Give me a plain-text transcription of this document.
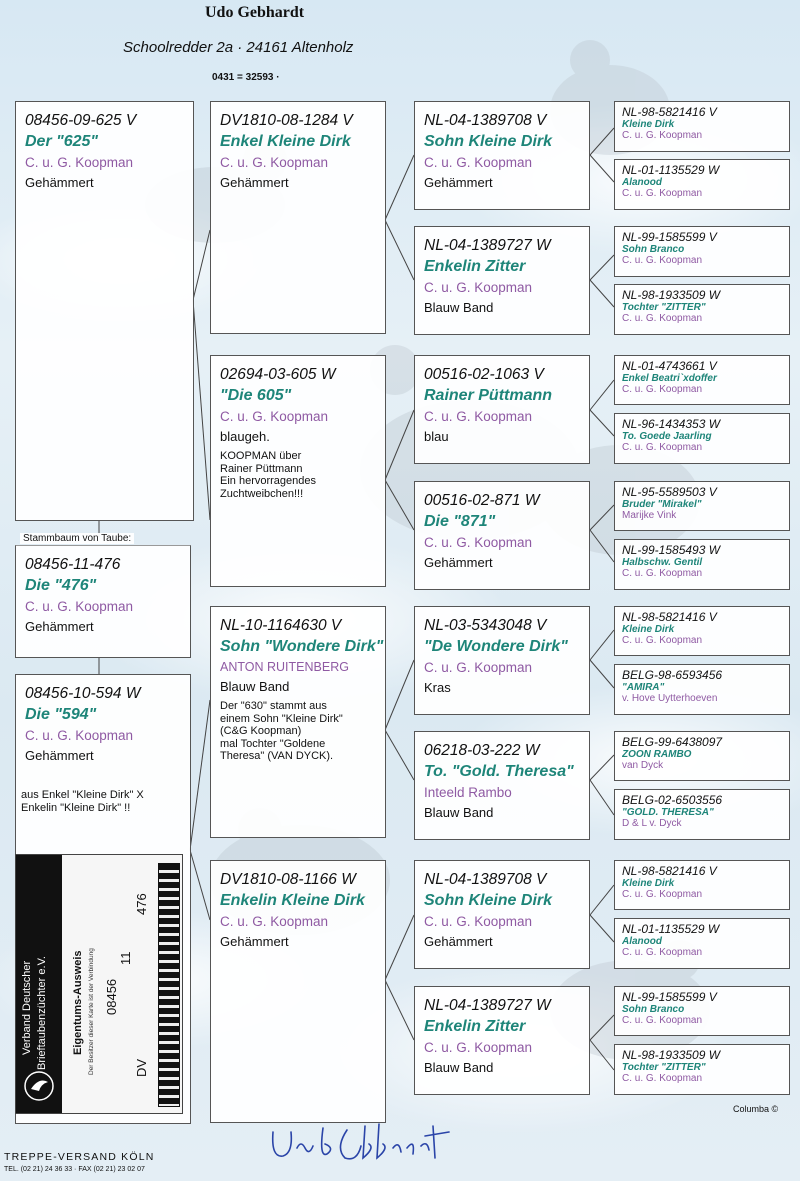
Udo Gebhardt
Schoolredder 2a · 24161 Altenholz
0431 = 32593 ·
Stammbaum von Taube:
08456-11-476
Die "476"
C. u. G. Koopman
Gehämmert
08456-09-625 V
Der "625"
C. u. G. Koopman
Gehämmert
08456-10-594 W
Die "594"
C. u. G. Koopman
Gehämmert
aus Enkel "Kleine Dirk" X
Enkelin "Kleine Dirk" !!
Verband Deutscher Brieftaubenzüchter e.V. Eigentums-Ausweis Der Besitzer dieser Karte ist der Verbindung	DV
08456
11
476
DV1810-08-1284 V
Enkel Kleine Dirk
C. u. G. Koopman
Gehämmert
02694-03-605 W
"Die 605"
C. u. G. Koopman
blaugeh.
KOOPMAN über
Rainer Püttmann
Ein hervorragendes
Zuchtweibchen!!!
NL-10-1164630 V
Sohn "Wondere Dirk"
ANTON RUITENBERG
Blauw Band
Der "630" stammt aus
einem Sohn "Kleine Dirk"
(C&G Koopman)
mal Tochter "Goldene
Theresa" (VAN DYCK).
DV1810-08-1166 W
Enkelin Kleine Dirk
C. u. G. Koopman
Gehämmert
NL-04-1389708 V
Sohn Kleine Dirk
C. u. G. Koopman
Gehämmert
NL-04-1389727 W
Enkelin Zitter
C. u. G. Koopman
Blauw Band
00516-02-1063 V
Rainer Püttmann
C. u. G. Koopman
blau
00516-02-871 W
Die "871"
C. u. G. Koopman
Gehämmert
NL-03-5343048 V
"De Wondere Dirk"
C. u. G. Koopman
Kras
06218-03-222 W
To. "Gold. Theresa"
Inteeld Rambo
Blauw Band
NL-04-1389708 V
Sohn Kleine Dirk
C. u. G. Koopman
Gehämmert
NL-04-1389727 W
Enkelin Zitter
C. u. G. Koopman
Blauw Band
NL-98-5821416 V
Kleine Dirk
C. u. G. Koopman
NL-01-1135529 W
Alanood
C. u. G. Koopman
NL-99-1585599 V
Sohn Branco
C. u. G. Koopman
NL-98-1933509 W
Tochter "ZITTER"
C. u. G. Koopman
NL-01-4743661 V
Enkel Beatri`xdoffer
C. u. G. Koopman
NL-96-1434353 W
To. Goede Jaarling
C. u. G. Koopman
NL-95-5589503 V
Bruder "Mirakel"
Marijke Vink
NL-99-1585493 W
Halbschw. Gentil
C. u. G. Koopman
NL-98-5821416 V
Kleine Dirk
C. u. G. Koopman
BELG-98-6593456
"AMIRA"
v. Hove Uytterhoeven
BELG-99-6438097
ZOON RAMBO
van Dyck
BELG-02-6503556
"GOLD. THERESA"
D & L v. Dyck
NL-98-5821416 V
Kleine Dirk
C. u. G. Koopman
NL-01-1135529 W
Alanood
C. u. G. Koopman
NL-99-1585599 V
Sohn Branco
C. u. G. Koopman
NL-98-1933509 W
Tochter "ZITTER"
C. u. G. Koopman
Columba ©
TREPPE-VERSAND KÖLN
TEL. (02 21) 24 36 33 · FAX (02 21) 23 02 07
